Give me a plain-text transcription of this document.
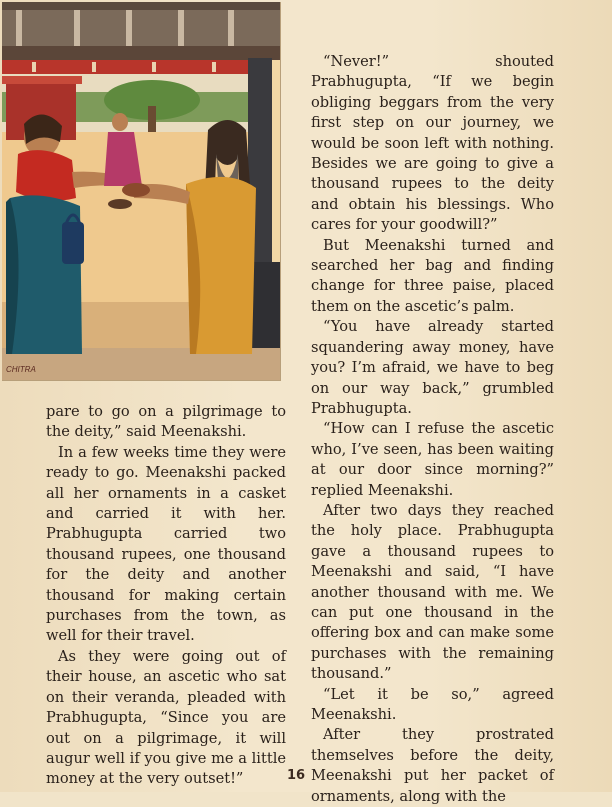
CHITRA

pare to go on a pilgrimage to the deity,” said Meenakshi.

In a few weeks time they were ready to go. Meenakshi packed all her ornaments in a casket and carried it with her. Prabhugupta carried two thousand rupees, one thousand for the deity and another thousand for making certain purchases from the town, as well for their travel.

As they were going out of their house, an ascetic who sat on their veranda, pleaded with Prabhugupta, “Since you are out on a pilgrimage, it will augur well if you give me a little money at the very outset!”

“Never!” shouted Prabhugupta, “If we begin obliging beggars from the very first step on our journey, we would be soon left with nothing. Besides we are going to give a thousand rupees to the deity and obtain his blessings. Who cares for your goodwill?”

But Meenakshi turned and searched her bag and finding change for three paise, placed them on the ascetic’s palm.

“You have already started squandering away money, have you? I’m afraid, we have to beg on our way back,” grumbled Prabhugupta.

“How can I refuse the ascetic who, I’ve seen, has been waiting at our door since morning?” replied Meenakshi.

After two days they reached the holy place. Prabhugupta gave a thousand rupees to Meenakshi and said, “I have another thousand with me. We can put one thousand in the offering box and can make some purchases with the remaining thousand.”

“Let it be so,” agreed Meenakshi.

After they prostrated themselves before the deity, Meenakshi put her packet of ornaments, along with the

16
